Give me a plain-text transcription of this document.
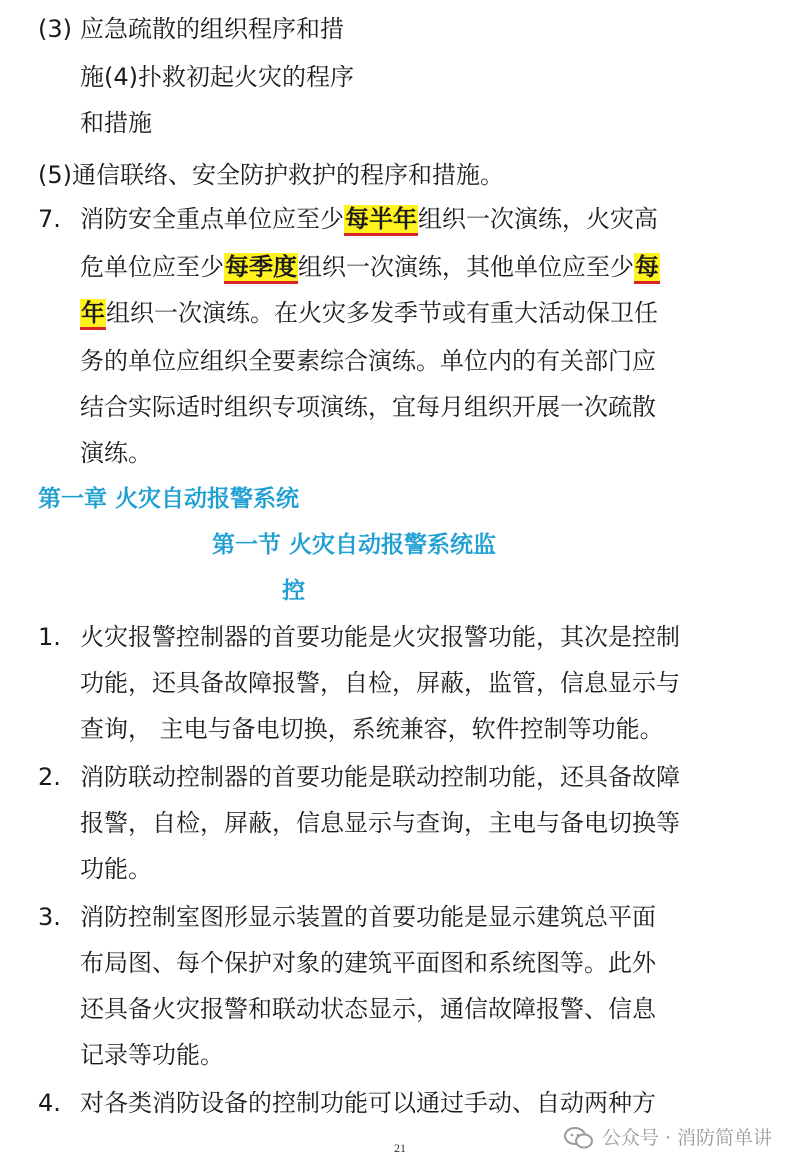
(3) 应急疏散的组织程序和措
施(4)扑救初起火灾的程序
和措施
(5)通信联络、安全防护救护的程序和措施。
7. 消防安全重点单位应至少每半年组织一次演练，火灾高
危单位应至少每季度组织一次演练，其他单位应至少每
年组织一次演练。在火灾多发季节或有重大活动保卫任
务的单位应组织全要素综合演练。单位内的有关部门应
结合实际适时组织专项演练，宜每月组织开展一次疏散
演练。
第一章 火灾自动报警系统
第一节 火灾自动报警系统监
控
1. 火灾报警控制器的首要功能是火灾报警功能，其次是控制
功能，还具备故障报警，自检，屏蔽，监管，信息显示与
查询， 主电与备电切换，系统兼容，软件控制等功能。
2. 消防联动控制器的首要功能是联动控制功能，还具备故障
报警，自检，屏蔽，信息显示与查询，主电与备电切换等
功能。
3. 消防控制室图形显示装置的首要功能是显示建筑总平面
布局图、每个保护对象的建筑平面图和系统图等。此外
还具备火灾报警和联动状态显示，通信故障报警、信息
记录等功能。
4. 对各类消防设备的控制功能可以通过手动、自动两种方
21	公众号 · 消防简单讲
